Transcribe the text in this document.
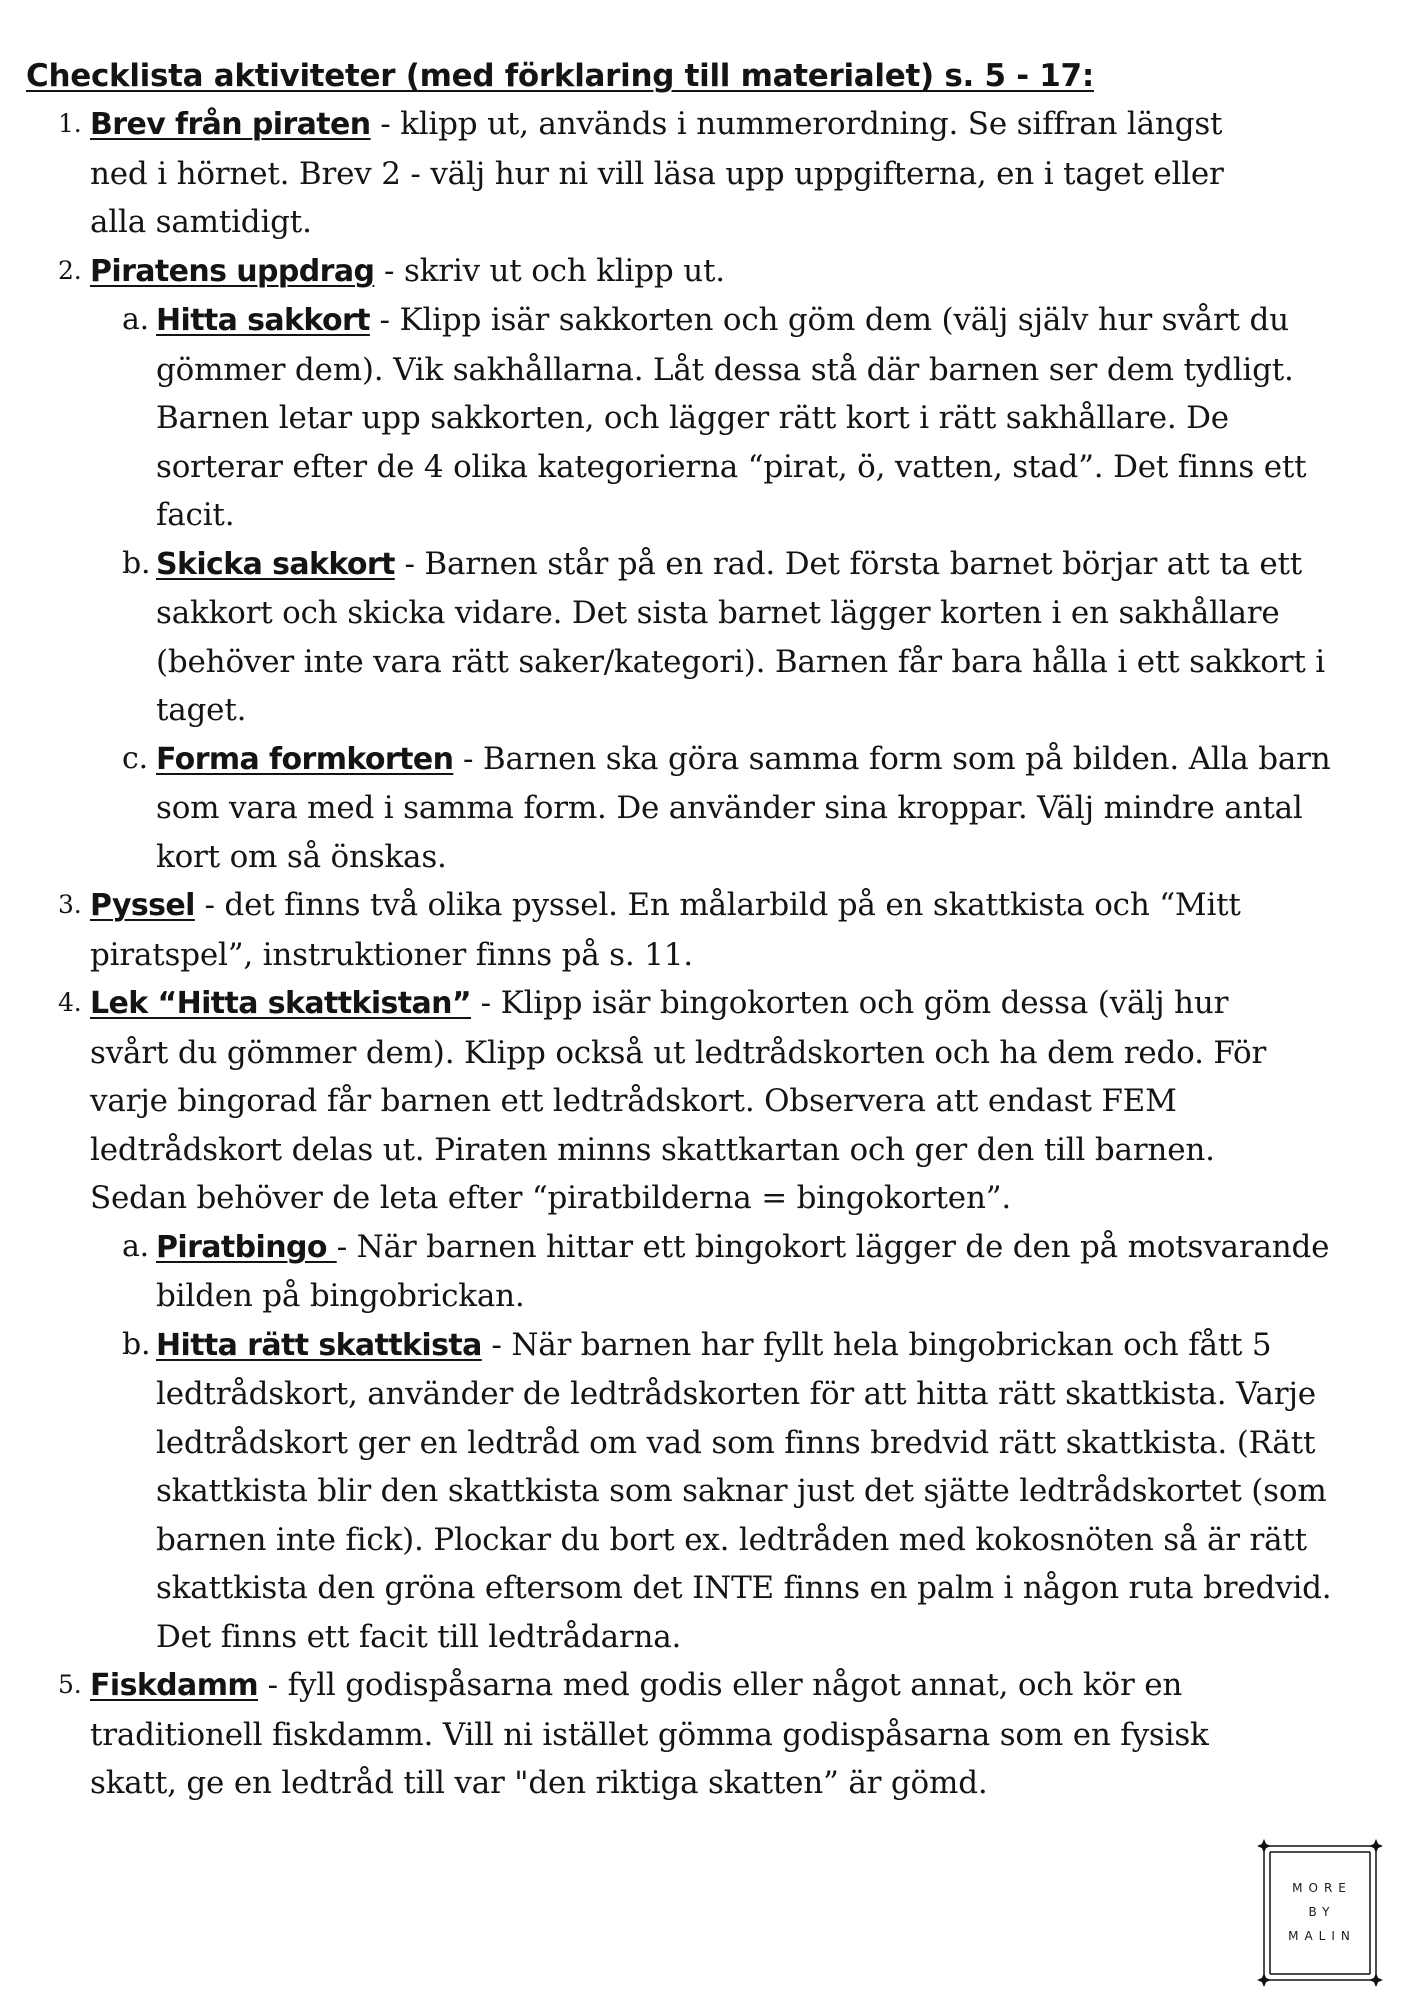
Checklista aktiviteter (med förklaring till materialet) s. 5 - 17:
1. Brev från piraten - klipp ut, används i nummerordning. Se siffran längst ned i hörnet. Brev 2 - välj hur ni vill läsa upp uppgifterna, en i taget eller alla samtidigt.
2. Piratens uppdrag - skriv ut och klipp ut.
a. Hitta sakkort - Klipp isär sakkorten och göm dem (välj själv hur svårt du gömmer dem). Vik sakhållarna. Låt dessa stå där barnen ser dem tydligt. Barnen letar upp sakkorten, och lägger rätt kort i rätt sakhållare. De sorterar efter de 4 olika kategorierna “pirat, ö, vatten, stad”. Det finns ett facit.
b. Skicka sakkort - Barnen står på en rad. Det första barnet börjar att ta ett sakkort och skicka vidare. Det sista barnet lägger korten i en sakhållare (behöver inte vara rätt saker/kategori). Barnen får bara hålla i ett sakkort i taget.
c. Forma formkorten - Barnen ska göra samma form som på bilden. Alla barn som vara med i samma form. De använder sina kroppar. Välj mindre antal kort om så önskas.
3. Pyssel - det finns två olika pyssel. En målarbild på en skattkista och “Mitt piratspel”, instruktioner finns på s. 11.
4. Lek “Hitta skattkistan” - Klipp isär bingokorten och göm dessa (välj hur svårt du gömmer dem). Klipp också ut ledtrådskorten och ha dem redo. För varje bingorad får barnen ett ledtrådskort. Observera att endast FEM ledtrådskort delas ut. Piraten minns skattkartan och ger den till barnen. Sedan behöver de leta efter “piratbilderna = bingokorten”.
a. Piratbingo - När barnen hittar ett bingokort lägger de den på motsvarande bilden på bingobrickan.
b. Hitta rätt skattkista - När barnen har fyllt hela bingobrickan och fått 5 ledtrådskort, använder de ledtrådskorten för att hitta rätt skattkista. Varje ledtrådskort ger en ledtråd om vad som finns bredvid rätt skattkista. (Rätt skattkista blir den skattkista som saknar just det sjätte ledtrådskortet (som barnen inte fick). Plockar du bort ex. ledtråden med kokosnöten så är rätt skattkista den gröna eftersom det INTE finns en palm i någon ruta bredvid. Det finns ett facit till ledtrådarna.
5. Fiskdamm - fyll godispåsarna med godis eller något annat, och kör en traditionell fiskdamm. Vill ni istället gömma godispåsarna som en fysisk skatt, ge en ledtråd till var "den riktiga skatten” är gömd.
MORE
BY
MALIN
